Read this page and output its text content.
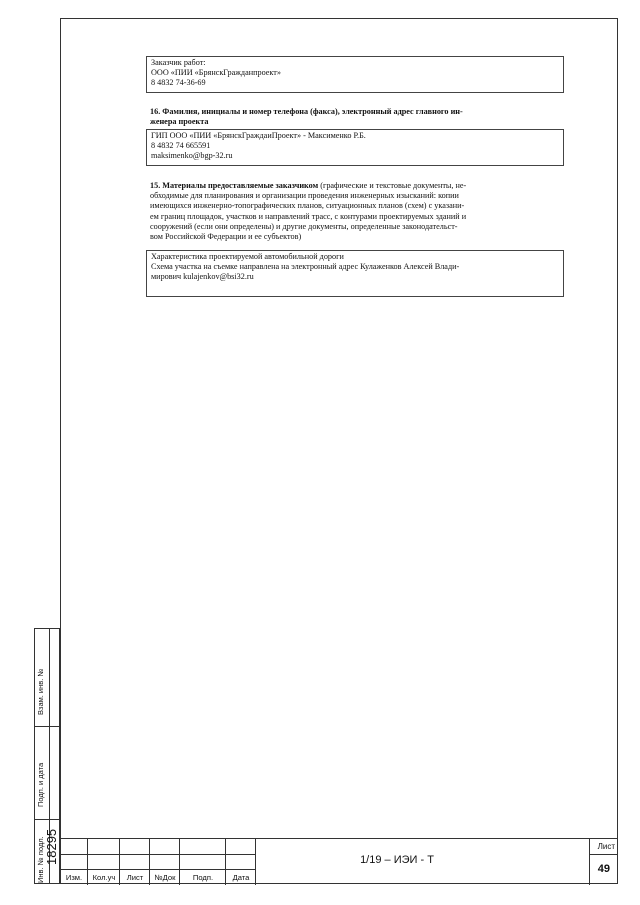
Заказчик работ:
ООО «ПИИ «БрянскГражданпроект»
8 4832 74-36-69
16. Фамилия, инициалы и номер телефона (факса), электронный адрес главного ин-
женера проекта
ГИП ООО «ПИИ «БрянскГраждаиПроект» - Максименко Р.Б.
8 4832 74 665591
maksimenko@bgp-32.ru
15. Материалы предоставляемые заказчиком (графические и текстовые документы, не-
обходимые для планирования и организации проведения инженерных изысканий: копии
имеющихся инженерно-топографических планов, ситуационных планов (схем) с указани-
ем границ площадок, участков и направлений трасс, с контурами проектируемых зданий и
сооружений (если они определены) и другие документы, определенные законодательст-
вом Российской Федерации и ее субъектов)
Характеристика проектируемой автомобильной дороги
Схема участка на съемке направлена на электронный адрес Кулаженков Алексей Влади-
мирович kulajenkov@bsi32.ru
Взам. инв. №
Подп. и дата
Инв. № подл. 18295
Изм.	Кол.уч	Лист	№Док	Подп.	Дата
1/19 – ИЭИ - Т
Лист
49
